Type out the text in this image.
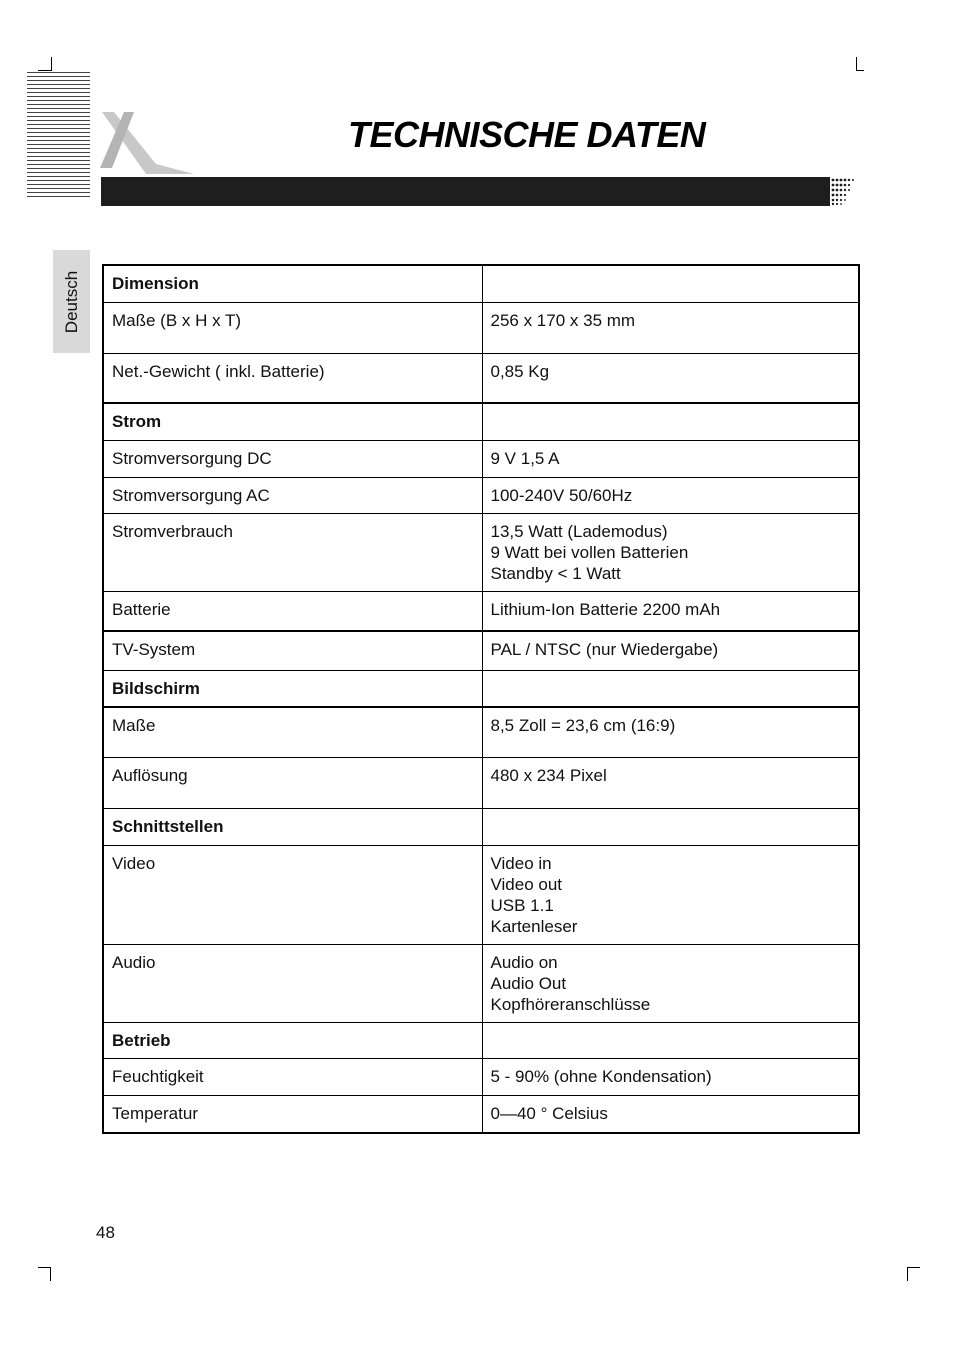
TECHNISCHE DATEN
Deutsch Dimension	
Maße (B x H x T)	256 x 170 x 35 mm
Net.-Gewicht ( inkl. Batterie)	0,85 Kg
Strom	
Stromversorgung DC	9 V 1,5 A
Stromversorgung AC	100-240V 50/60Hz
Stromverbrauch	13,5 Watt (Lademodus)
9 Watt bei vollen Batterien
Standby < 1 Watt
Batterie	Lithium-Ion Batterie 2200 mAh
TV-System	PAL / NTSC (nur Wiedergabe)
Bildschirm	
Maße	8,5 Zoll = 23,6 cm (16:9)
Auflösung	480 x 234 Pixel
Schnittstellen	
Video	Video in
Video out
USB 1.1
Kartenleser
Audio	Audio on
Audio Out
Kopfhöreranschlüsse
Betrieb	
Feuchtigkeit	5 - 90% (ohne Kondensation)
Temperatur	0—40 ° Celsius
48
